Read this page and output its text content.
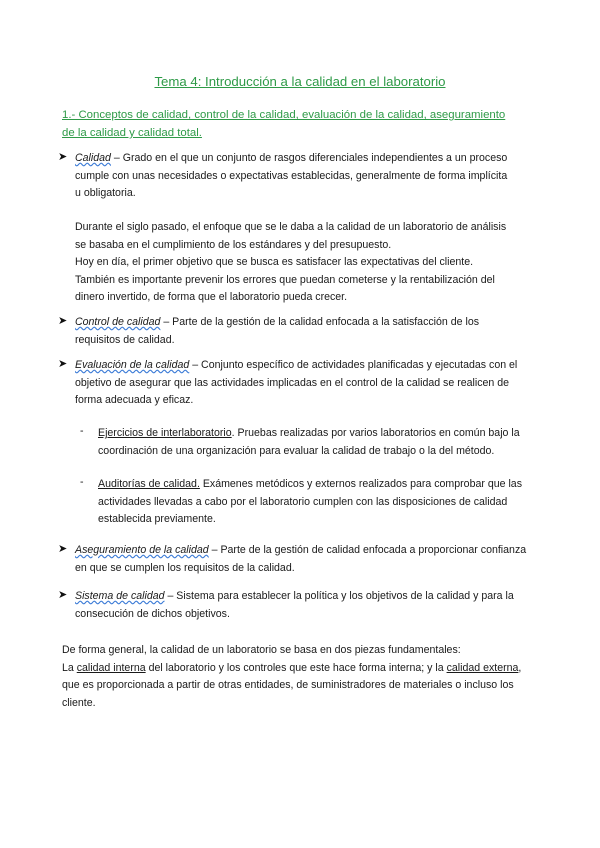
Tema 4: Introducción a la calidad en el laboratorio
1.- Conceptos de calidad, control de la calidad, evaluación de la calidad, aseguramiento
de la calidad y calidad total.
➤ Calidad – Grado en el que un conjunto de rasgos diferenciales independientes a un proceso
cumple con unas necesidades o expectativas establecidas, generalmente de forma implícita
u obligatoria.
Durante el siglo pasado, el enfoque que se le daba a la calidad de un laboratorio de análisis
se basaba en el cumplimiento de los estándares y del presupuesto.
Hoy en día, el primer objetivo que se busca es satisfacer las expectativas del cliente.
También es importante prevenir los errores que puedan cometerse y la rentabilización del
dinero invertido, de forma que el laboratorio pueda crecer.
➤ Control de calidad – Parte de la gestión de la calidad enfocada a la satisfacción de los
requisitos de calidad.
➤ Evaluación de la calidad – Conjunto específico de actividades planificadas y ejecutadas con el
objetivo de asegurar que las actividades implicadas en el control de la calidad se realicen de
forma adecuada y eficaz.
-	Ejercicios de interlaboratorio. Pruebas realizadas por varios laboratorios en común bajo la
coordinación de una organización para evaluar la calidad de trabajo o la del método.
-	Auditorías de calidad. Exámenes metódicos y externos realizados para comprobar que las
actividades llevadas a cabo por el laboratorio cumplen con las disposiciones de calidad
establecida previamente.
➤ Aseguramiento de la calidad – Parte de la gestión de calidad enfocada a proporcionar confianza
en que se cumplen los requisitos de la calidad.
➤ Sistema de calidad – Sistema para establecer la política y los objetivos de la calidad y para la
consecución de dichos objetivos.
De forma general, la calidad de un laboratorio se basa en dos piezas fundamentales:
La calidad interna del laboratorio y los controles que este hace forma interna; y la calidad externa,
que es proporcionada a partir de otras entidades, de suministradores de materiales o incluso los
cliente.
